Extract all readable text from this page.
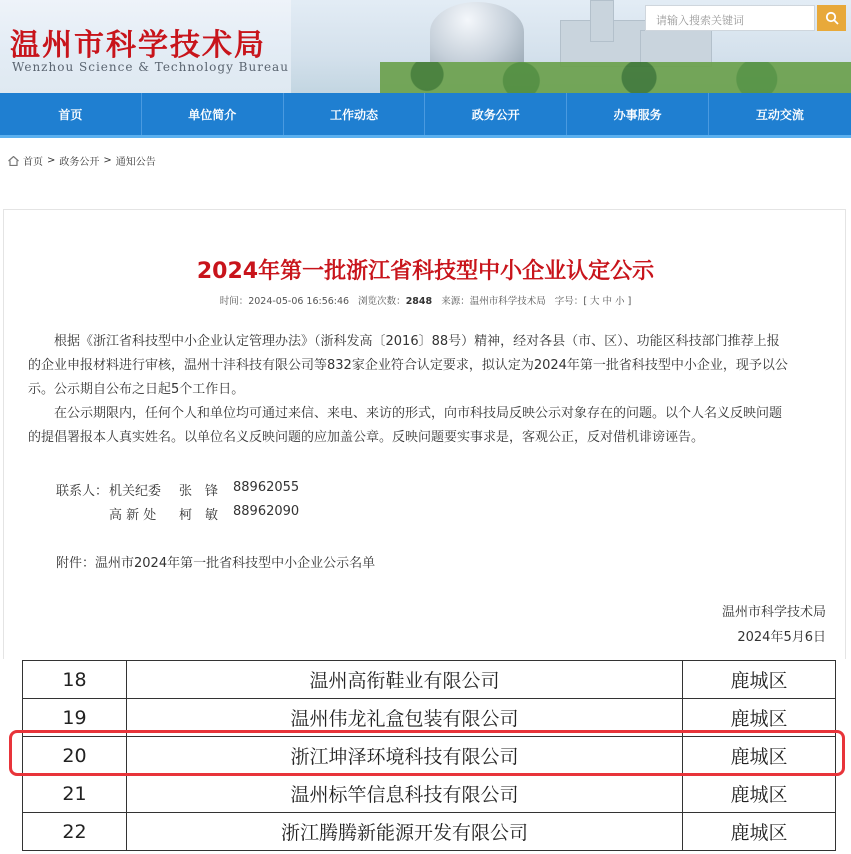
温州市科学技术局
Wenzhou Science & Technology Bureau
请输入搜索关键词
首页	单位简介	工作动态	政务公开	办事服务	互动交流
首页 > 政务公开 > 通知公告
2024年第一批浙江省科技型中小企业认定公示
时间：2024-05-06 16:56:46 浏览次数：2848 来源：温州市科学技术局 字号：[ 大 中 小 ]

根据《浙江省科技型中小企业认定管理办法》（浙科发高〔2016〕88号）精神，经对各县（市、区）、功能区科技部门推荐上报

的企业申报材料进行审核，温州十沣科技有限公司等832家企业符合认定要求，拟认定为2024年第一批省科技型中小企业，现予以公

示。公示期自公布之日起5个工作日。

在公示期限内，任何个人和单位均可通过来信、来电、来访的形式，向市科技局反映公示对象存在的问题。以个人名义反映问题

的提倡署报本人真实姓名。以单位名义反映问题的应加盖公章。反映问题要实事求是，客观公正，反对借机诽谤诬告。

联系人： 机关纪委 张　锋 88962055
高 新 处 柯　敏 88962090
附件：温州市2024年第一批省科技型中小企业公示名单
温州市科学技术局
2024年5月6日
18	温州高衔鞋业有限公司	鹿城区
19	温州伟龙礼盒包装有限公司	鹿城区
20	浙江坤泽环境科技有限公司	鹿城区
21	温州标竿信息科技有限公司	鹿城区
22	浙江腾腾新能源开发有限公司	鹿城区
